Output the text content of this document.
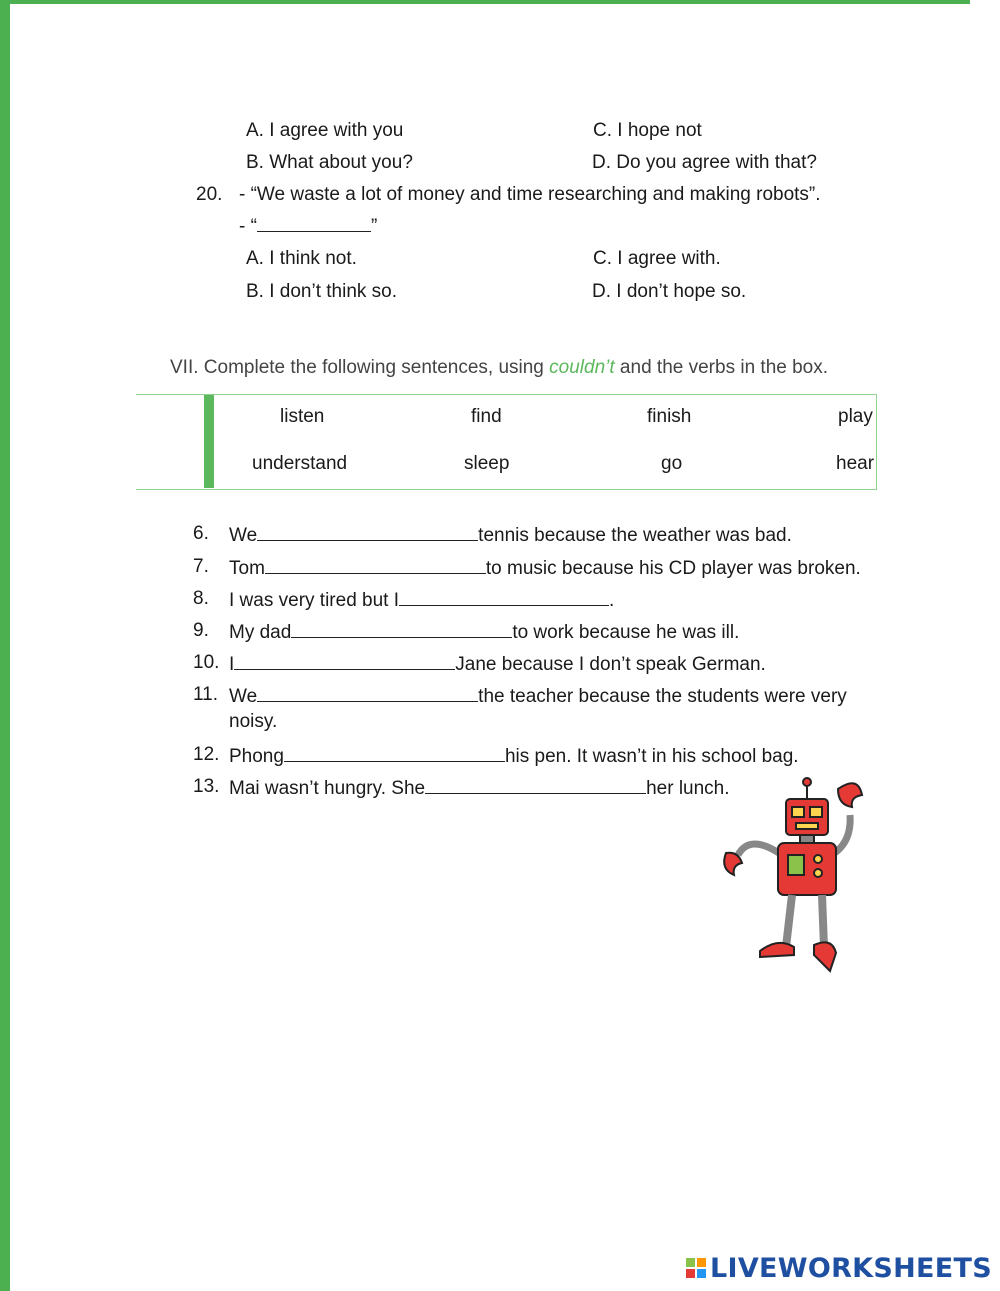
A. I agree with you	C. I hope not
B. What about you?	D. Do you agree with that?
20. - “We waste a lot of money and time researching and making robots”.
- “	”
A. I think not.	C. I agree with.
B. I don’t think so.	D. I don’t hope so.
VII. Complete the following sentences, using couldn’t and the verbs in the box.
listen	find	finish	play
understand	sleep	go	hear
6. We	tennis because the weather was bad.
7. Tom	to music because his CD player was broken.
8. I was very tired but I	.
9. My dad	to work because he was ill.
10. I	Jane because I don’t speak German.
11. We	the teacher because the students were very
noisy.
12. Phong	his pen. It wasn’t in his school bag.
13. Mai wasn’t hungry. She	her lunch.
LIVEWORKSHEETS
